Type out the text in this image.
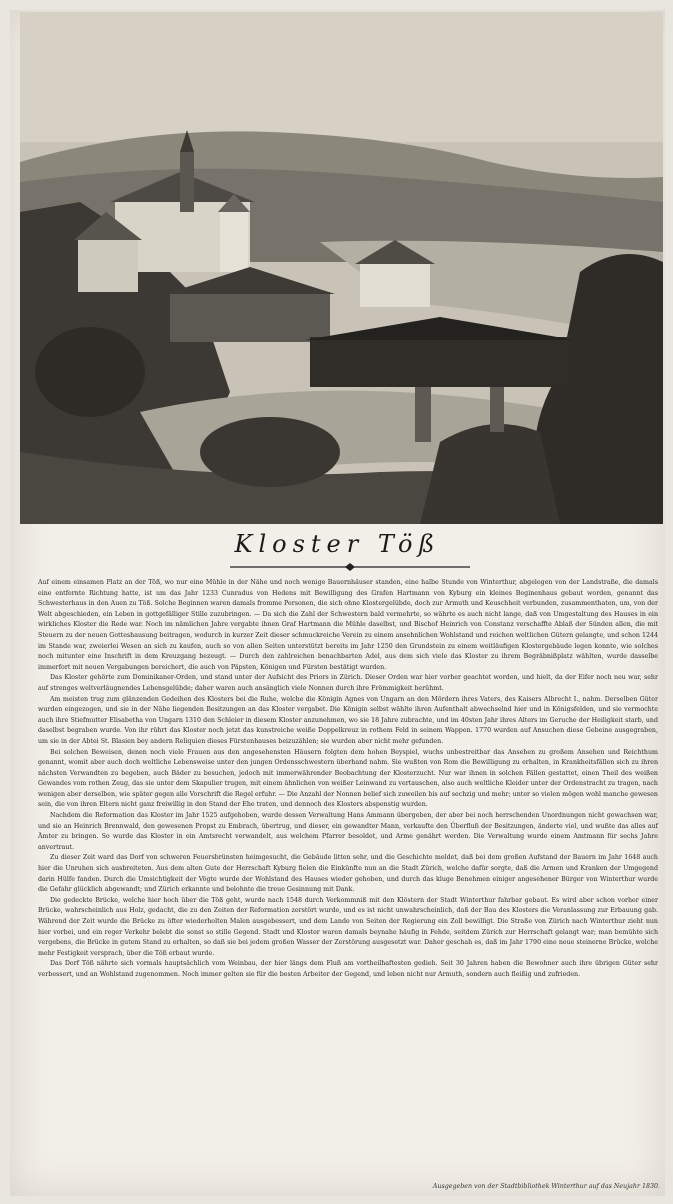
Kloster Töß

Auf einem einsamen Platz an der Töß, wo nur eine Mühle in der Nähe und noch wenige Bauernhäuser standen, eine halbe Stunde von Winterthur, abgelegen von der Landstraße, die damals eine entfernte Richtung hatte, ist um das Jahr 1233 Cunradus von Hedens mit Bewilligung des Grafen Hartmann von Kyburg ein kleines Beginenhaus gebaut worden, genannt das Schwesterhaus in den Auen zu Töß. Solche Beginnen waren damals fromme Personen, die sich ohne Klostergelübde, doch zur Armuth und Keuschheit verbunden, zusammenthaten, um, von der Welt abgeschieden, ein Leben in gottgefälliger Stille zuzubringen. — Da sich die Zahl der Schwestern bald vermehrte, so währte es auch nicht lange, daß von Umgestaltung des Hauses in ein wirkliches Kloster die Rede war. Noch im nämlichen Jahre vergabte ihnen Graf Hartmann die Mühle daselbst, und Bischof Heinrich von Constanz verschaffte Ablaß der Sünden allen, die mit Steuern zu der neuen Gotteshausung beitragen, wodurch in kurzer Zeit dieser schmuckreiche Verein zu einem ansehnlichen Wohlstand und reichen weltlichen Gütern gelangte, und schon 1244 im Stande war, zweierlei Wesen an sich zu kaufen, auch so von allen Seiten unterstützt bereits im Jahr 1250 den Grundstein zu einem weitläufigen Klostergebäude legen konnte, wie solches noch mitunter eine Inschrift in dem Kreuzgang bezeugt. — Durch den zahlreichen benachbarten Adel, aus dem sich viele das Kloster zu ihrem Begräbnißplatz wählten, wurde dasselbe immerfort mit neuen Vergabungen bereichert, die auch von Päpsten, Königen und Fürsten bestätigt wurden.

Das Kloster gehörte zum Dominikaner-Orden, und stand unter der Aufsicht des Priors in Zürich. Dieser Orden war hier vorher geachtet worden, und hielt, da der Eifer noch neu war, sehr auf strenges weltverläugnendes Lebensgelübde; daher waren auch ansänglich viele Nonnen durch ihre Frömmigkeit berühmt.

Am meisten trug zum glänzenden Gedeihen des Klosters bei die Ruhe, welche die Königin Agnes von Ungarn an den Mördern ihres Vaters, des Kaisers Albrecht I., nahm. Derselben Güter wurden eingezogen, und sie in der Nähe liegenden Besitzungen an das Kloster vergabet. Die Königin selbst wählte ihren Aufenthalt abwechselnd hier und in Königsfelden, und sie vermochte auch ihre Stiefmutter Elisabetha von Ungarn 1310 den Schleier in diesem Kloster anzunehmen, wo sie 18 Jahre zubrachte, und im 40sten Jahr ihres Alters im Geruche der Heiligkeit starb, und daselbst begraben wurde. Von ihr rührt das Kloster noch jetzt das kunstreiche weiße Doppelkreuz in rothem Feld in seinem Wappen. 1770 wurden auf Ansuchen diese Gebeine ausgegraben, um sie in der Abtei St. Blasien bey andern Reliquien dieses Fürstenhauses beizuzählen; sie wurden aber nicht mehr gefunden.

Bei solchen Beweisen, denen noch viele Frauen aus den angesehensten Häusern folgten dem hohen Beyspiel, wuchs unbestreitbar das Ansehen zu großem Ansehen und Reichthum genannt, womit aber auch doch weltliche Lebensweise unter den jungen Ordensschwestern überhand nahm. Sie wußten von Rom die Bewilligung zu erhalten, in Krankheitsfällen sich zu ihren nächsten Verwandten zu begeben, auch Bäder zu besuchen, jedoch mit immerwährender Beobachtung der Klosterzucht. Nur war ihnen in solchen Fällen gestattet, einen Theil des weißen Gewandes vom rothen Zeug, das sie unter dem Skapulier trugen, mit einem ähnlichen von weißer Leinwand zu vertauschen, also auch weltliche Kleider unter der Ordenstracht zu tragen, nach wenigen aber derselben, wie später gegen alle Vorschrift die Regel erfuhr. — Die Anzahl der Nonnen belief sich zuweilen bis auf sechzig und mehr; unter so vielen mögen wohl manche gewesen sein, die von ihren Eltern nicht ganz freiwillig in den Stand der Ehe traten, und dennoch des Klosters abspenstig wurden.

Nachdem die Reformation das Kloster im Jahr 1525 aufgehoben, wurde dessen Verwaltung Hans Ammann übergeben, der aber bei noch herrschenden Unordnungen nicht gewachsen war, und sie an Heinrich Brennwald, den gewesenen Propst zu Embrach, übertrug, und dieser, ein gewandter Mann, verkaufte den Überfluß der Besitzungen, änderte viel, und wußte das alles auf Ämter zu bringen. So wurde das Kloster in ein Amtsrecht verwandelt, aus welchem Pfarrer besoldet, und Arme genährt werden. Die Verwaltung wurde einem Amtmann für sechs Jahre anvertraut.

Zu dieser Zeit ward das Dorf von schweren Feuersbrünsten heimgesucht, die Gebäude litten sehr, und die Geschichte meldet, daß bei dem großen Aufstand der Bauern im Jahr 1648 auch hier die Unruhen sich ausbreiteten. Aus dem alten Gute der Herrschaft Kyburg fielen die Einkünfte nun an die Stadt Zürich, welche dafür sorgte, daß die Armen und Kranken der Umgegend darin Hülfe fanden. Durch die Umsichtigkeit der Vögte wurde der Wohlstand des Hauses wieder gehoben, und durch das kluge Benehmen einiger angesehener Bürger von Winterthur wurde die Gefahr glücklich abgewandt; und Zürich erkannte und belohnte die treue Gesinnung mit Dank.

Die gedeckte Brücke, welche hier hoch über die Töß geht, wurde nach 1548 durch Verkommniß mit den Klöstern der Stadt Winterthur fahrbar gebaut. Es wird aber schon vorher einer Brücke, wahrscheinlich aus Holz, gedacht, die zu den Zeiten der Reformation zerstört wurde, und es ist nicht unwahrscheinlich, daß der Bau des Klosters die Veranlassung zur Erbauung gab. Während der Zeit wurde die Brücke zu öfter wiederholten Malen ausgebessert, und dem Lande von Seiten der Regierung ein Zoll bewilligt. Die Straße von Zürich nach Winterthur zieht nun hier vorbei, und ein reger Verkehr belebt die sonst so stille Gegend. Stadt und Kloster waren damals beynahe häufig in Fehde, seitdem Zürich zur Herrschaft gelangt war; man bemühte sich vergebens, die Brücke in gutem Stand zu erhalten, so daß sie bei jedem großen Wasser der Zerstörung ausgesetzt war. Daher geschah es, daß im Jahr 1790 eine neue steinerne Brücke, welche mehr Festigkeit versprach, über die Töß erbaut wurde.

Das Dorf Töß nährte sich vormals hauptsächlich vom Weinbau, der hier längs dem Fluß am vortheilhaftesten gedieh. Seit 30 Jahren haben die Bewohner auch ihre übrigen Güter sehr verbessert, und an Wohlstand zugenommen. Noch immer gelten sie für die besten Arbeiter der Gegend, und leben nicht nur Armuth, sondern auch fleißig und zufrieden.

Ausgegeben von der Stadtbibliothek Winterthur auf das Neujahr 1830.
